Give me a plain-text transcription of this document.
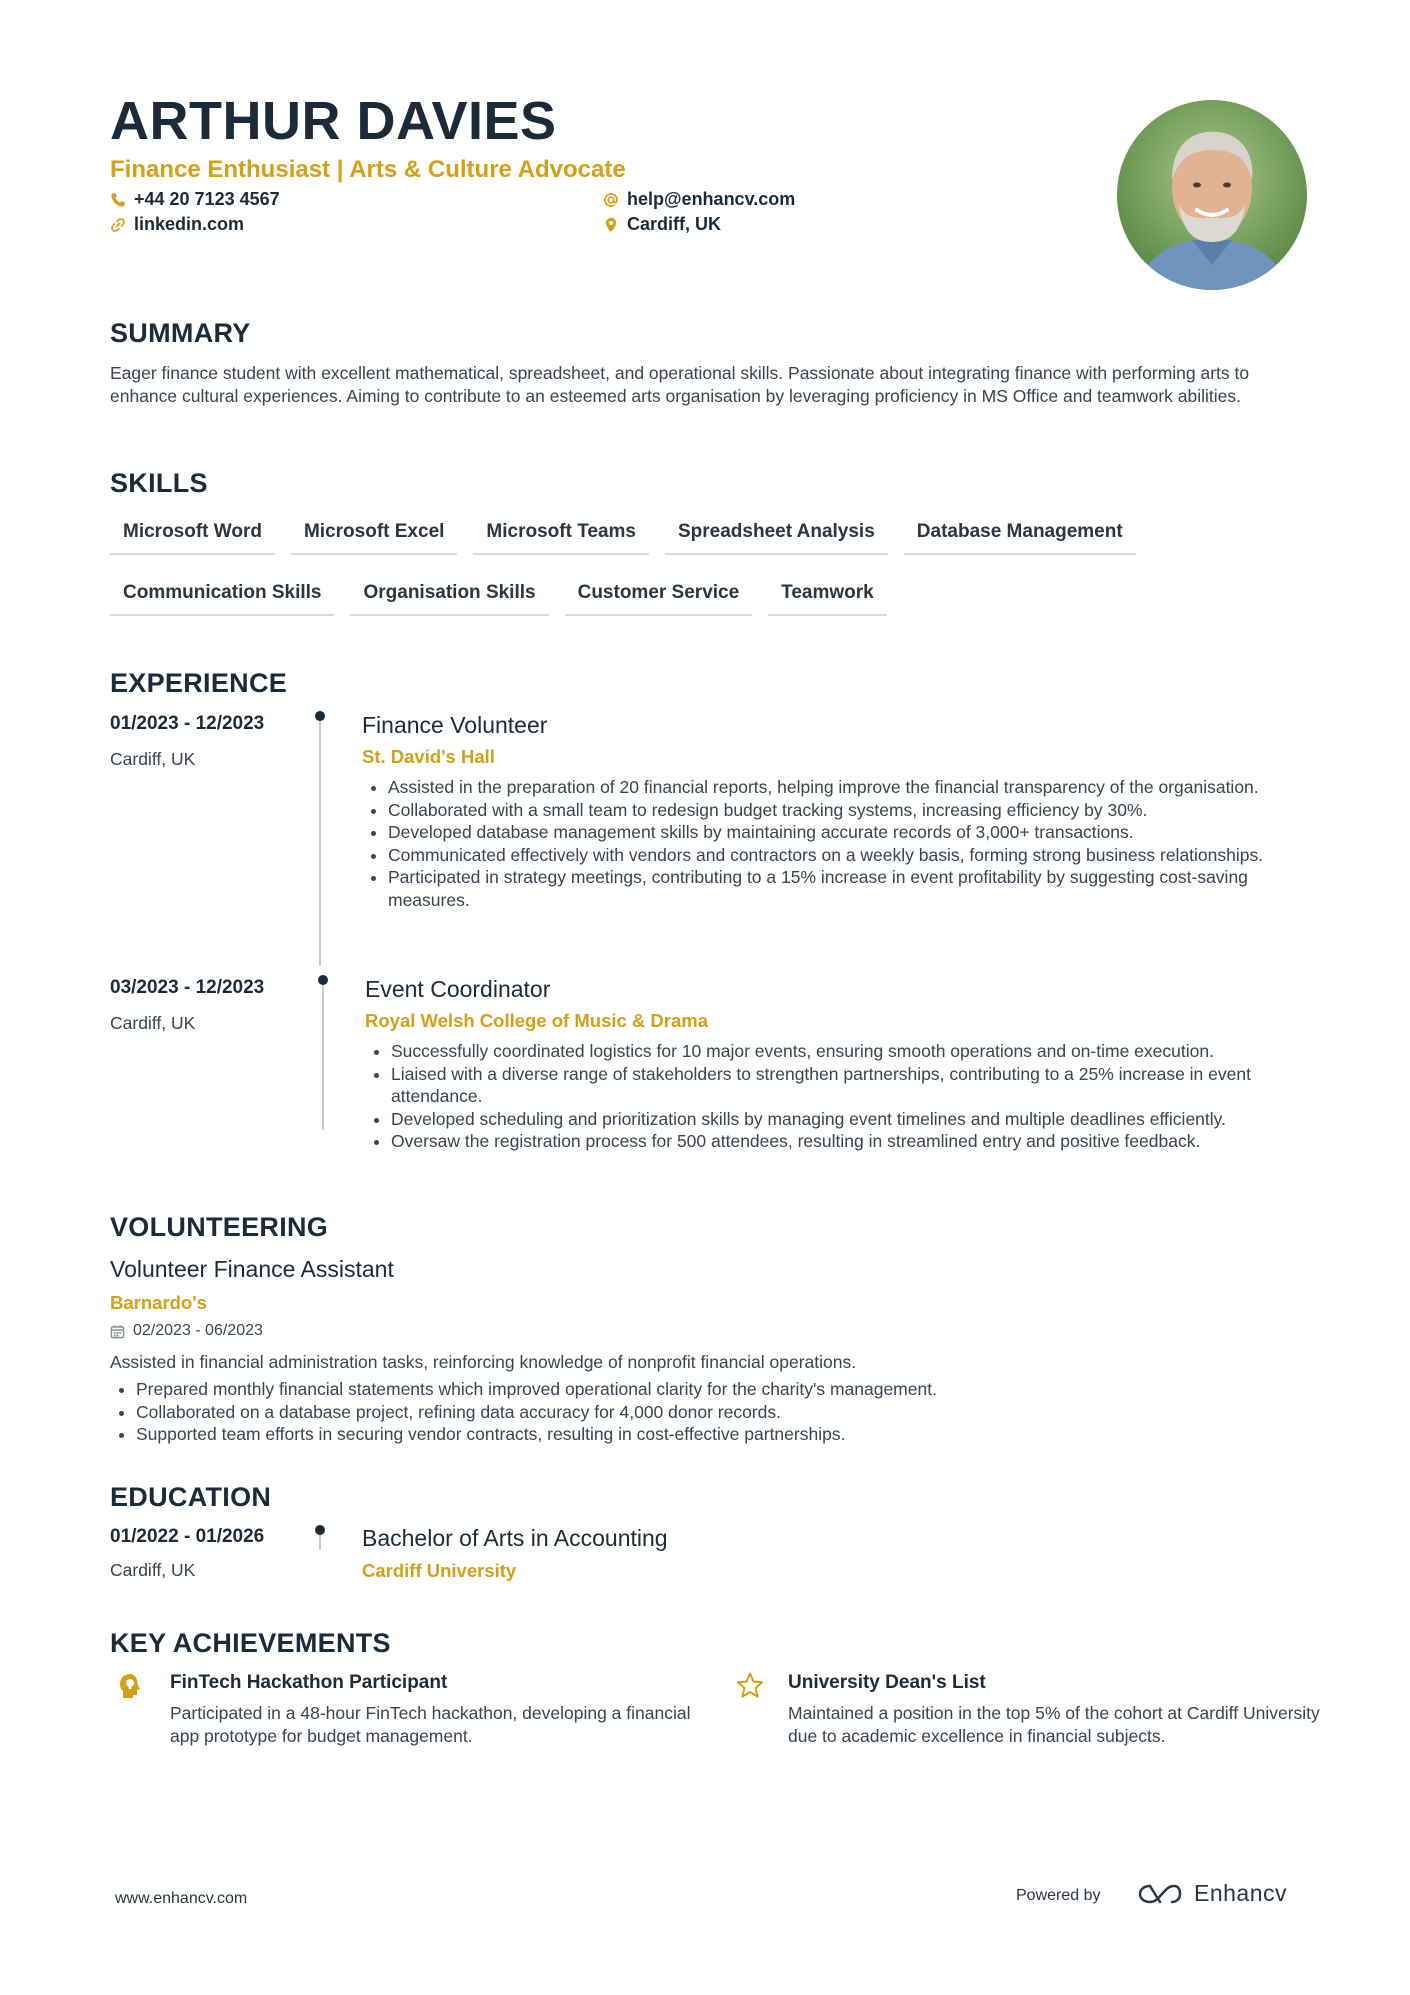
ARTHUR DAVIES
Finance Enthusiast | Arts & Culture Advocate
+44 20 7123 4567	help@enhancv.com
linkedin.com	Cardiff, UK
SUMMARY
Eager finance student with excellent mathematical, spreadsheet, and operational skills. Passionate about integrating finance with performing arts to enhance cultural experiences. Aiming to contribute to an esteemed arts organisation by leveraging proficiency in MS Office and teamwork abilities.
SKILLS
Microsoft Word	Microsoft Excel	Microsoft Teams	Spreadsheet Analysis	Database Management
Communication Skills	Organisation Skills	Customer Service	Teamwork
EXPERIENCE
01/2023 - 12/2023
Cardiff, UK
Finance Volunteer
St. David's Hall
• Assisted in the preparation of 20 financial reports, helping improve the financial transparency of the organisation.
• Collaborated with a small team to redesign budget tracking systems, increasing efficiency by 30%.
• Developed database management skills by maintaining accurate records of 3,000+ transactions.
• Communicated effectively with vendors and contractors on a weekly basis, forming strong business relationships.
• Participated in strategy meetings, contributing to a 15% increase in event profitability by suggesting cost-saving measures.
03/2023 - 12/2023
Cardiff, UK
Event Coordinator
Royal Welsh College of Music & Drama
• Successfully coordinated logistics for 10 major events, ensuring smooth operations and on-time execution.
• Liaised with a diverse range of stakeholders to strengthen partnerships, contributing to a 25% increase in event attendance.
• Developed scheduling and prioritization skills by managing event timelines and multiple deadlines efficiently.
• Oversaw the registration process for 500 attendees, resulting in streamlined entry and positive feedback.
VOLUNTEERING
Volunteer Finance Assistant
Barnardo's
02/2023 - 06/2023
Assisted in financial administration tasks, reinforcing knowledge of nonprofit financial operations.
• Prepared monthly financial statements which improved operational clarity for the charity's management.
• Collaborated on a database project, refining data accuracy for 4,000 donor records.
• Supported team efforts in securing vendor contracts, resulting in cost-effective partnerships.
EDUCATION
01/2022 - 01/2026
Cardiff, UK
Bachelor of Arts in Accounting
Cardiff University
KEY ACHIEVEMENTS
FinTech Hackathon Participant
Participated in a 48-hour FinTech hackathon, developing a financial app prototype for budget management.
University Dean's List
Maintained a position in the top 5% of the cohort at Cardiff University due to academic excellence in financial subjects.
www.enhancv.com	Powered by	Enhancv
